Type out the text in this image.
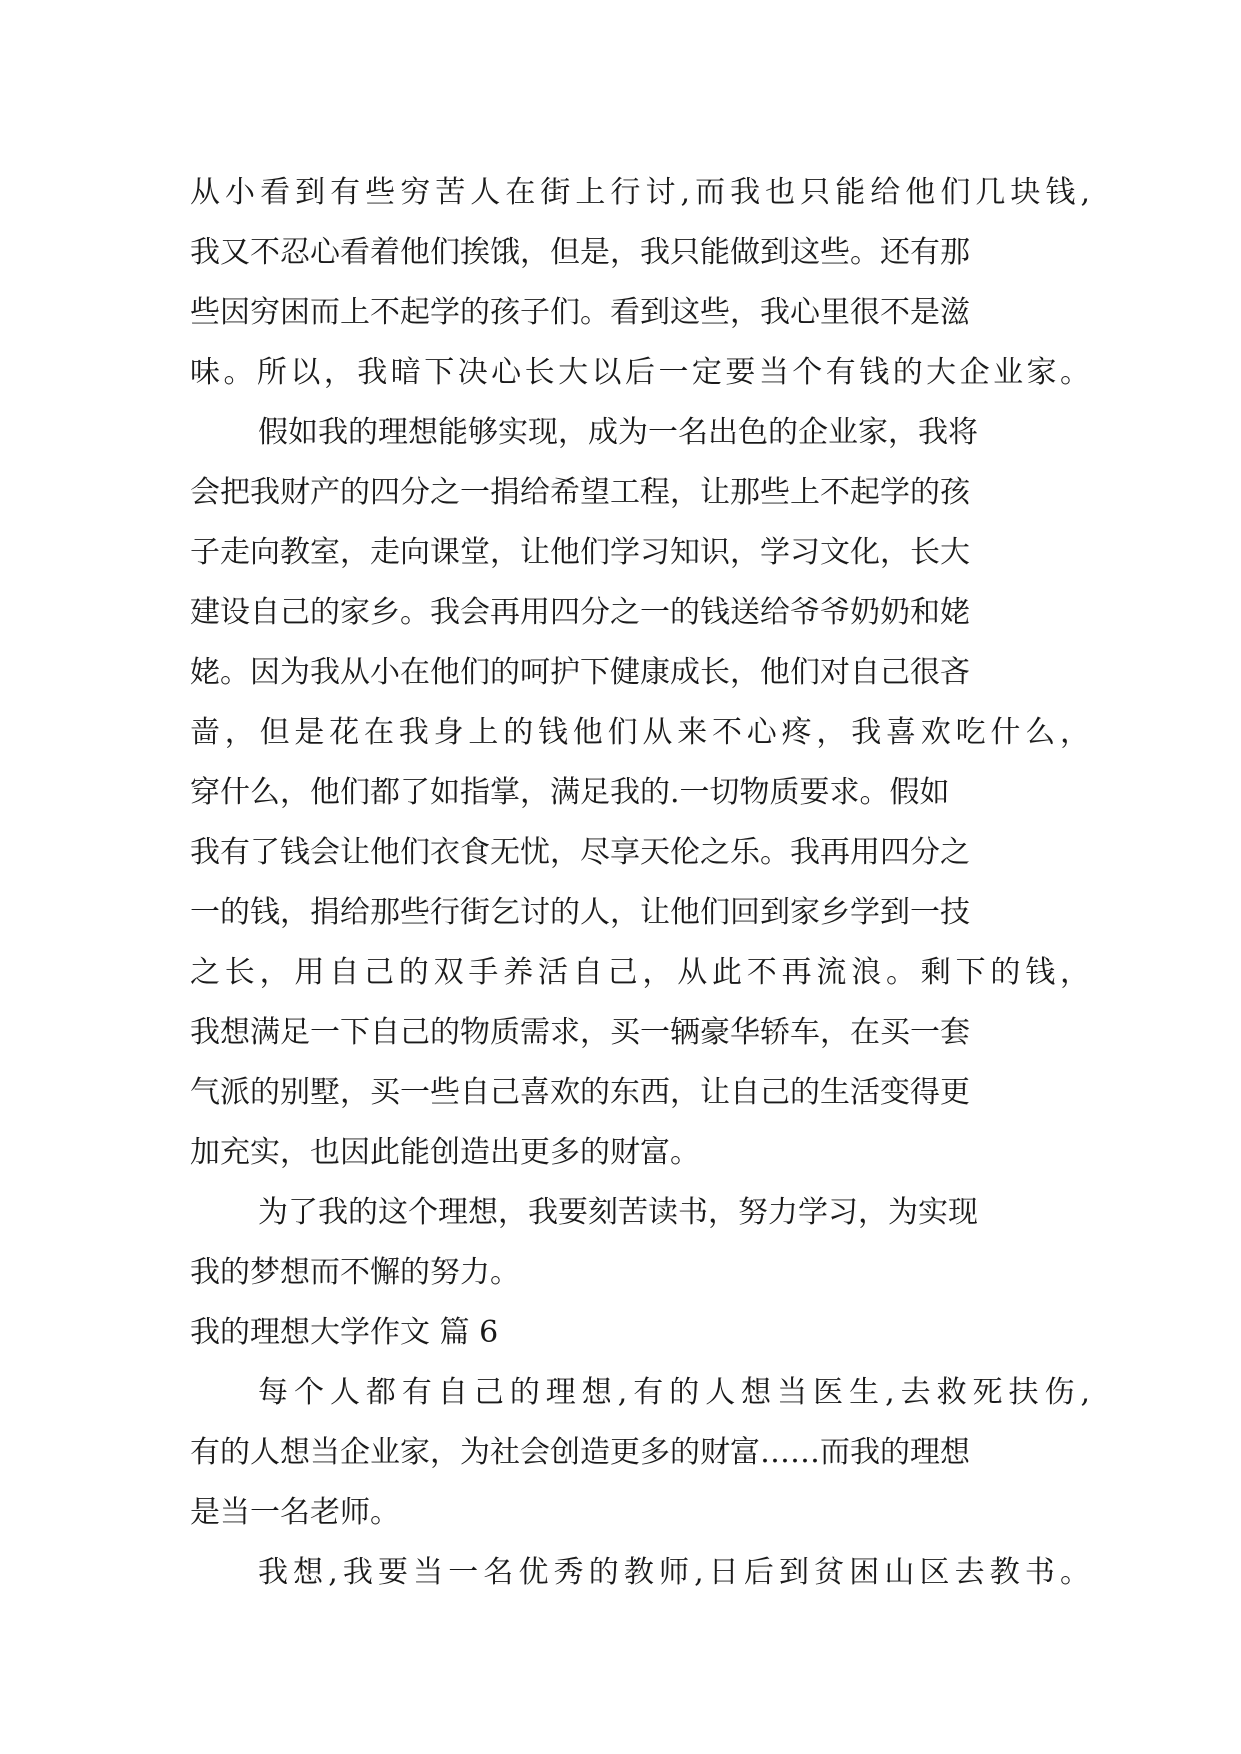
从小看到有些穷苦人在街上行讨,而我也只能给他们几块钱,
我又不忍心看着他们挨饿，但是，我只能做到这些。还有那
些因穷困而上不起学的孩子们。看到这些，我心里很不是滋
味。所以，我暗下决心长大以后一定要当个有钱的大企业家。
假如我的理想能够实现，成为一名出色的企业家，我将
会把我财产的四分之一捐给希望工程，让那些上不起学的孩
子走向教室，走向课堂，让他们学习知识，学习文化，长大
建设自己的家乡。我会再用四分之一的钱送给爷爷奶奶和姥
姥。因为我从小在他们的呵护下健康成长，他们对自己很吝
啬，但是花在我身上的钱他们从来不心疼，我喜欢吃什么，
穿什么，他们都了如指掌，满足我的.一切物质要求。假如
我有了钱会让他们衣食无忧，尽享天伦之乐。我再用四分之
一的钱，捐给那些行街乞讨的人，让他们回到家乡学到一技
之长，用自己的双手养活自己，从此不再流浪。剩下的钱，
我想满足一下自己的物质需求，买一辆豪华轿车，在买一套
气派的别墅，买一些自己喜欢的东西，让自己的生活变得更
加充实，也因此能创造出更多的财富。
为了我的这个理想，我要刻苦读书，努力学习，为实现
我的梦想而不懈的努力。
我的理想大学作文 篇 6
每个人都有自己的理想,有的人想当医生,去救死扶伤,
有的人想当企业家，为社会创造更多的财富……而我的理想
是当一名老师。
我想,我要当一名优秀的教师,日后到贫困山区去教书。
